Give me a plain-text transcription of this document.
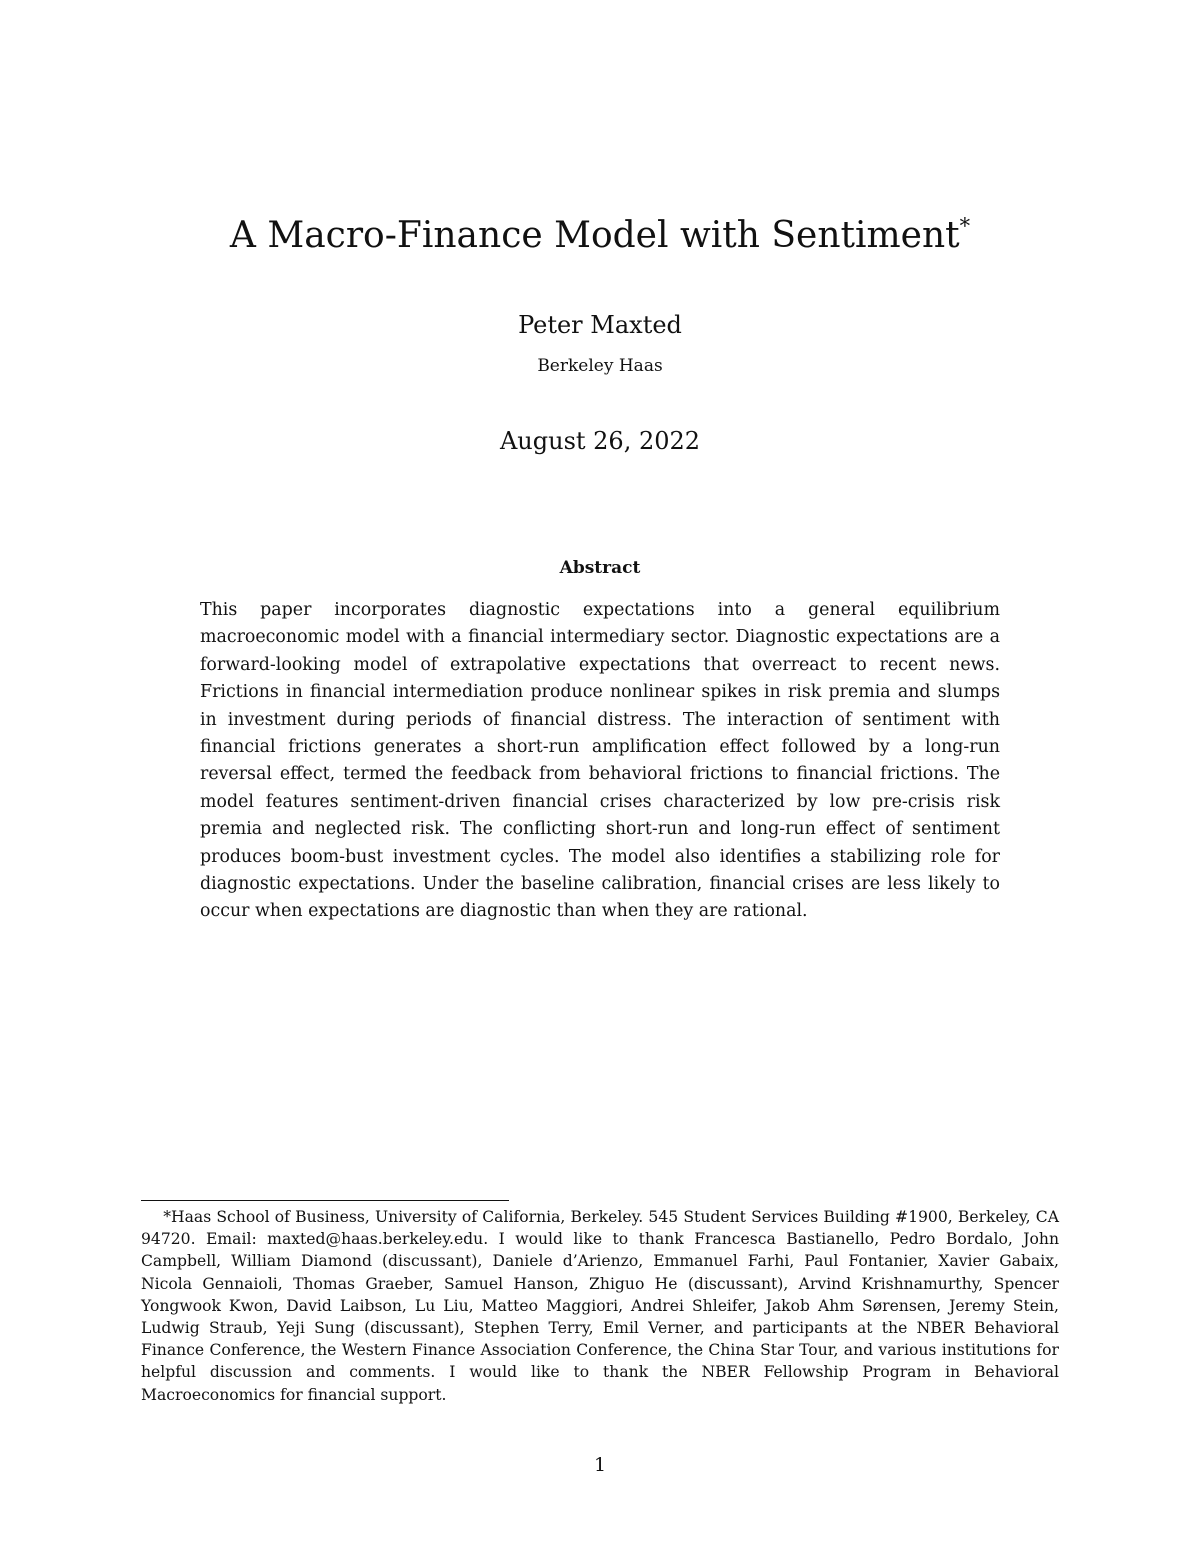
A Macro-Finance Model with Sentiment*
Peter Maxted
Berkeley Haas
August 26, 2022
Abstract

This paper incorporates diagnostic expectations into a general equilibrium macroeconomic model with a financial intermediary sector. Diagnostic expectations are a forward-looking model of extrapolative expectations that overreact to recent news. Frictions in financial intermediation produce nonlinear spikes in risk premia and slumps in investment during periods of financial distress. The interaction of sentiment with financial frictions generates a short-run amplification effect followed by a long-run reversal effect, termed the feedback from behavioral frictions to financial frictions. The model features sentiment-driven financial crises characterized by low pre-crisis risk premia and neglected risk. The conflicting short-run and long-run effect of sentiment produces boom-bust investment cycles. The model also identifies a stabilizing role for diagnostic expectations. Under the baseline calibration, financial crises are less likely to occur when expectations are diagnostic than when they are rational.

*Haas School of Business, University of California, Berkeley. 545 Student Services Building #1900, Berkeley, CA 94720. Email: maxted@haas.berkeley.edu. I would like to thank Francesca Bastianello, Pedro Bordalo, John Campbell, William Diamond (discussant), Daniele d’Arienzo, Emmanuel Farhi, Paul Fontanier, Xavier Gabaix, Nicola Gennaioli, Thomas Graeber, Samuel Hanson, Zhiguo He (discussant), Arvind Krishnamurthy, Spencer Yongwook Kwon, David Laibson, Lu Liu, Matteo Maggiori, Andrei Shleifer, Jakob Ahm Sørensen, Jeremy Stein, Ludwig Straub, Yeji Sung (discussant), Stephen Terry, Emil Verner, and participants at the NBER Behavioral Finance Conference, the Western Finance Association Conference, the China Star Tour, and various institutions for helpful discussion and comments. I would like to thank the NBER Fellowship Program in Behavioral Macroeconomics for financial support.

1
